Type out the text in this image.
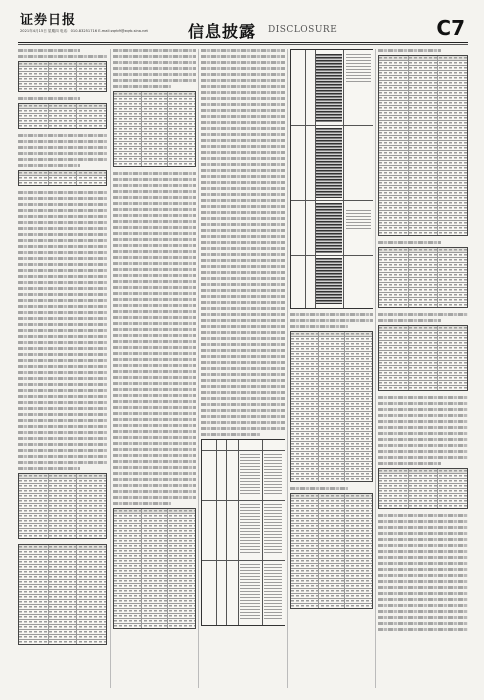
证券日报
2021年4月15日 星期四 电话：010-83251716 E-mail:zqrb9@zqrb.sina.net	信息披露 DISCLOSURE	C7
